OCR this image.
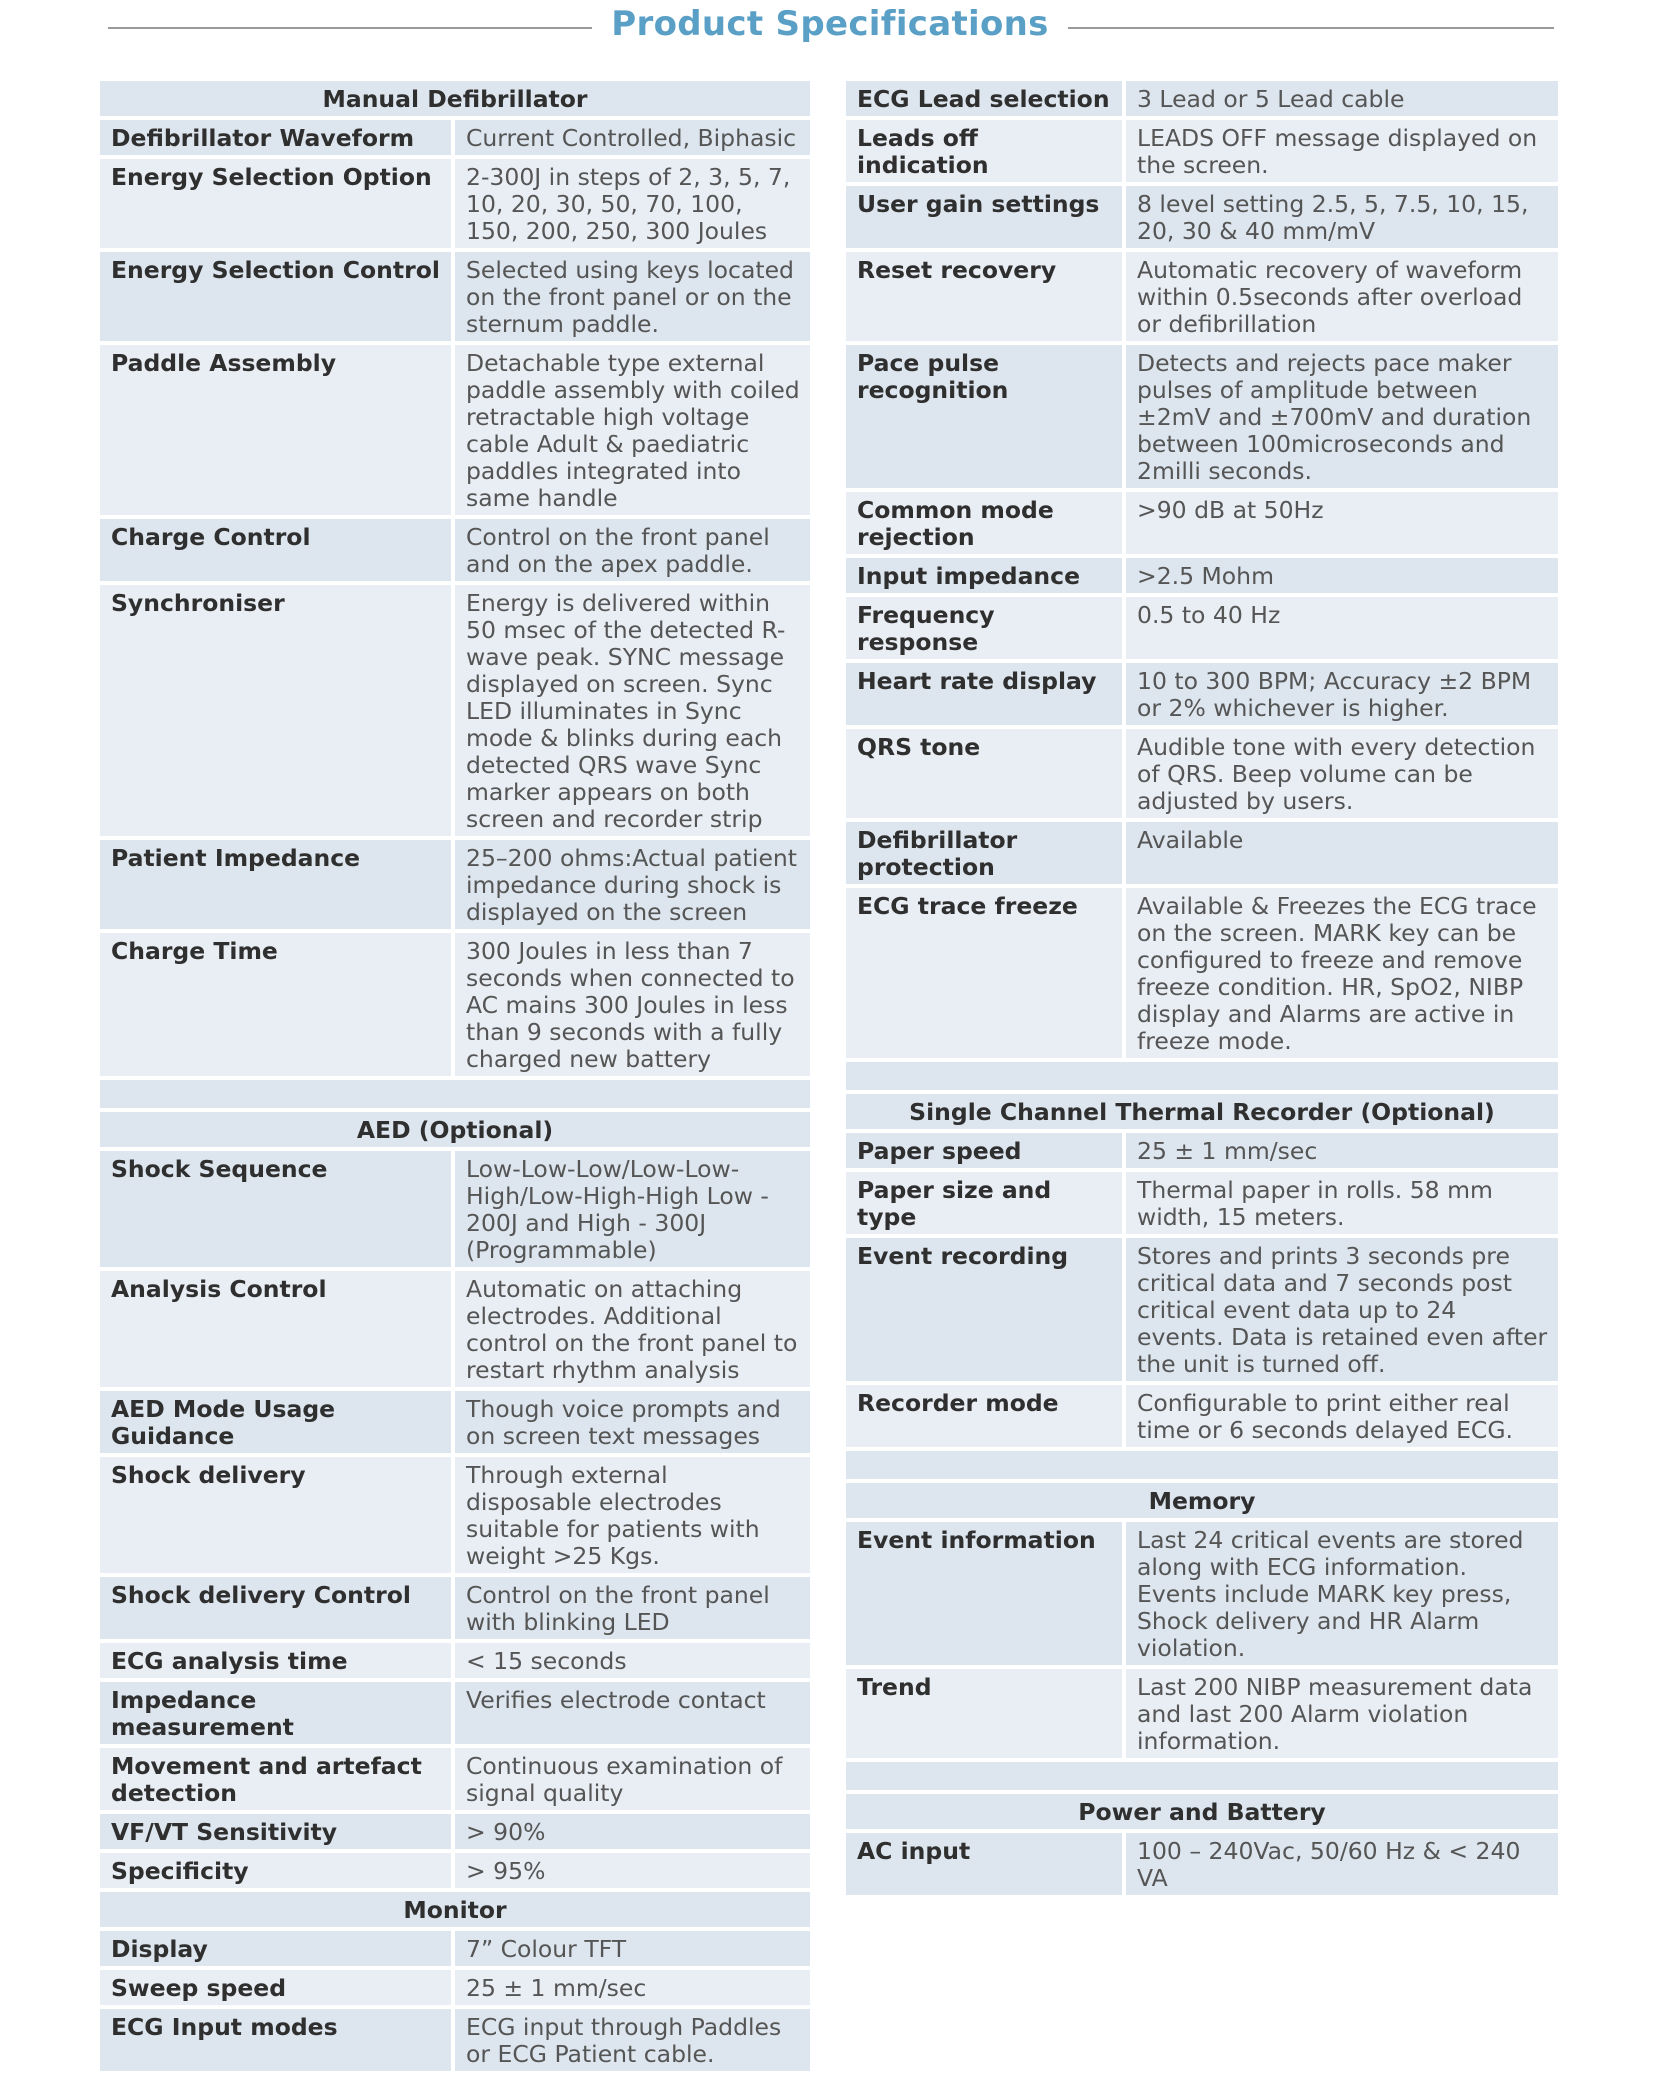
Product Specifications
Manual Defibrillator	
Defibrillator Waveform	Current Controlled, Biphasic
Energy Selection Option	2-300J in steps of 2, 3, 5, 7, 10, 20, 30, 50, 70, 100, 150, 200, 250, 300 Joules
Energy Selection Control	Selected using keys located on the front panel or on the sternum paddle.
Paddle Assembly	Detachable type external paddle assembly with coiled retractable high voltage cable Adult & paediatric paddles integrated into same handle
Charge Control	Control on the front panel and on the apex paddle.
Synchroniser	Energy is delivered within 50 msec of the detected R-wave peak. SYNC message displayed on screen. Sync LED illuminates in Sync mode & blinks during each detected QRS wave Sync marker appears on both screen and recorder strip
Patient Impedance	25–200 ohms:Actual patient impedance during shock is displayed on the screen
Charge Time	300 Joules in less than 7 seconds when connected to AC mains 300 Joules in less than 9 seconds with a fully charged new battery

AED (Optional)	
Shock Sequence	Low-Low-Low/Low-Low-High/Low-High-High Low - 200J and High - 300J (Programmable)
Analysis Control	Automatic on attaching electrodes. Additional control on the front panel to restart rhythm analysis
AED Mode Usage Guidance	Though voice prompts and on screen text messages
Shock delivery	Through external disposable electrodes suitable for patients with weight >25 Kgs.
Shock delivery Control	Control on the front panel with blinking LED
ECG analysis time	< 15 seconds
Impedance measurement	Verifies electrode contact
Movement and artefact detection	Continuous examination of signal quality
VF/VT Sensitivity	> 90%
Specificity	> 95%
Monitor	
Display	7” Colour TFT
Sweep speed	25 ± 1 mm/sec
ECG Input modes	ECG input through Paddles or ECG Patient cable.
ECG Lead selection	3 Lead or 5 Lead cable
Leads off indication	LEADS OFF message displayed on the screen.
User gain settings	8 level setting 2.5, 5, 7.5, 10, 15, 20, 30 & 40 mm/mV
Reset recovery	Automatic recovery of waveform within 0.5seconds after overload or defibrillation
Pace pulse recognition	Detects and rejects pace maker pulses of amplitude between ±2mV and ±700mV and duration between 100microseconds and 2milli seconds.
Common mode rejection	>90 dB at 50Hz
Input impedance	>2.5 Mohm
Frequency response	0.5 to 40 Hz
Heart rate display	10 to 300 BPM; Accuracy ±2 BPM or 2% whichever is higher.
QRS tone	Audible tone with every detection of QRS. Beep volume can be adjusted by users.
Defibrillator protection	Available
ECG trace freeze	Available & Freezes the ECG trace on the screen. MARK key can be configured to freeze and remove freeze condition. HR, SpO2, NIBP display and Alarms are active in freeze mode.

Single Channel Thermal Recorder (Optional)	
Paper speed	25 ± 1 mm/sec
Paper size and type	Thermal paper in rolls. 58 mm width, 15 meters.
Event recording	Stores and prints 3 seconds pre critical data and 7 seconds post critical event data up to 24 events. Data is retained even after the unit is turned off.
Recorder mode	Configurable to print either real time or 6 seconds delayed ECG.

Memory	
Event information	Last 24 critical events are stored along with ECG information. Events include MARK key press, Shock delivery and HR Alarm violation.
Trend	Last 200 NIBP measurement data and last 200 Alarm violation information.

Power and Battery	
AC input	100 – 240Vac, 50/60 Hz & < 240 VA
